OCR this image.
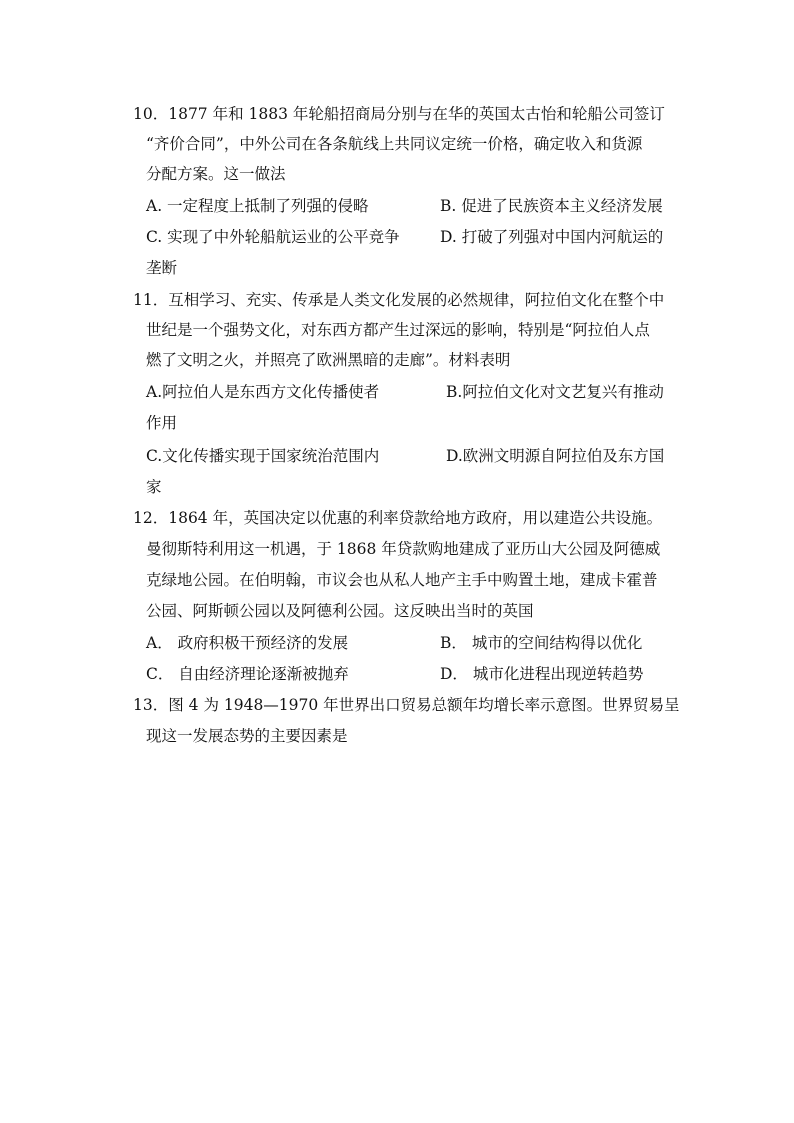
10．1877 年和 1883 年轮船招商局分别与在华的英国太古怡和轮船公司签订
“齐价合同”，中外公司在各条航线上共同议定统一价格，确定收入和货源
分配方案。这一做法
A. 一定程度上抵制了列强的侵略	B. 促进了民族资本主义经济发展
C. 实现了中外轮船航运业的公平竞争	D. 打破了列强对中国内河航运的
垄断
11．互相学习、充实、传承是人类文化发展的必然规律，阿拉伯文化在整个中
世纪是一个强势文化，对东西方都产生过深远的影响，特别是“阿拉伯人点
燃了文明之火，并照亮了欧洲黑暗的走廊”。材料表明
A.阿拉伯人是东西方文化传播使者	B.阿拉伯文化对文艺复兴有推动
作用
C.文化传播实现于国家统治范围内	D.欧洲文明源自阿拉伯及东方国
家
12．1864 年，英国决定以优惠的利率贷款给地方政府，用以建造公共设施。
曼彻斯特利用这一机遇，于 1868 年贷款购地建成了亚历山大公园及阿德威
克绿地公园。在伯明翰，市议会也从私人地产主手中购置土地，建成卡霍普
公园、阿斯顿公园以及阿德利公园。这反映出当时的英国
A． 政府积极干预经济的发展	B． 城市的空间结构得以优化
C． 自由经济理论逐渐被抛弃	D． 城市化进程出现逆转趋势
13．图 4 为 1948—1970 年世界出口贸易总额年均增长率示意图。世界贸易呈
现这一发展态势的主要因素是
